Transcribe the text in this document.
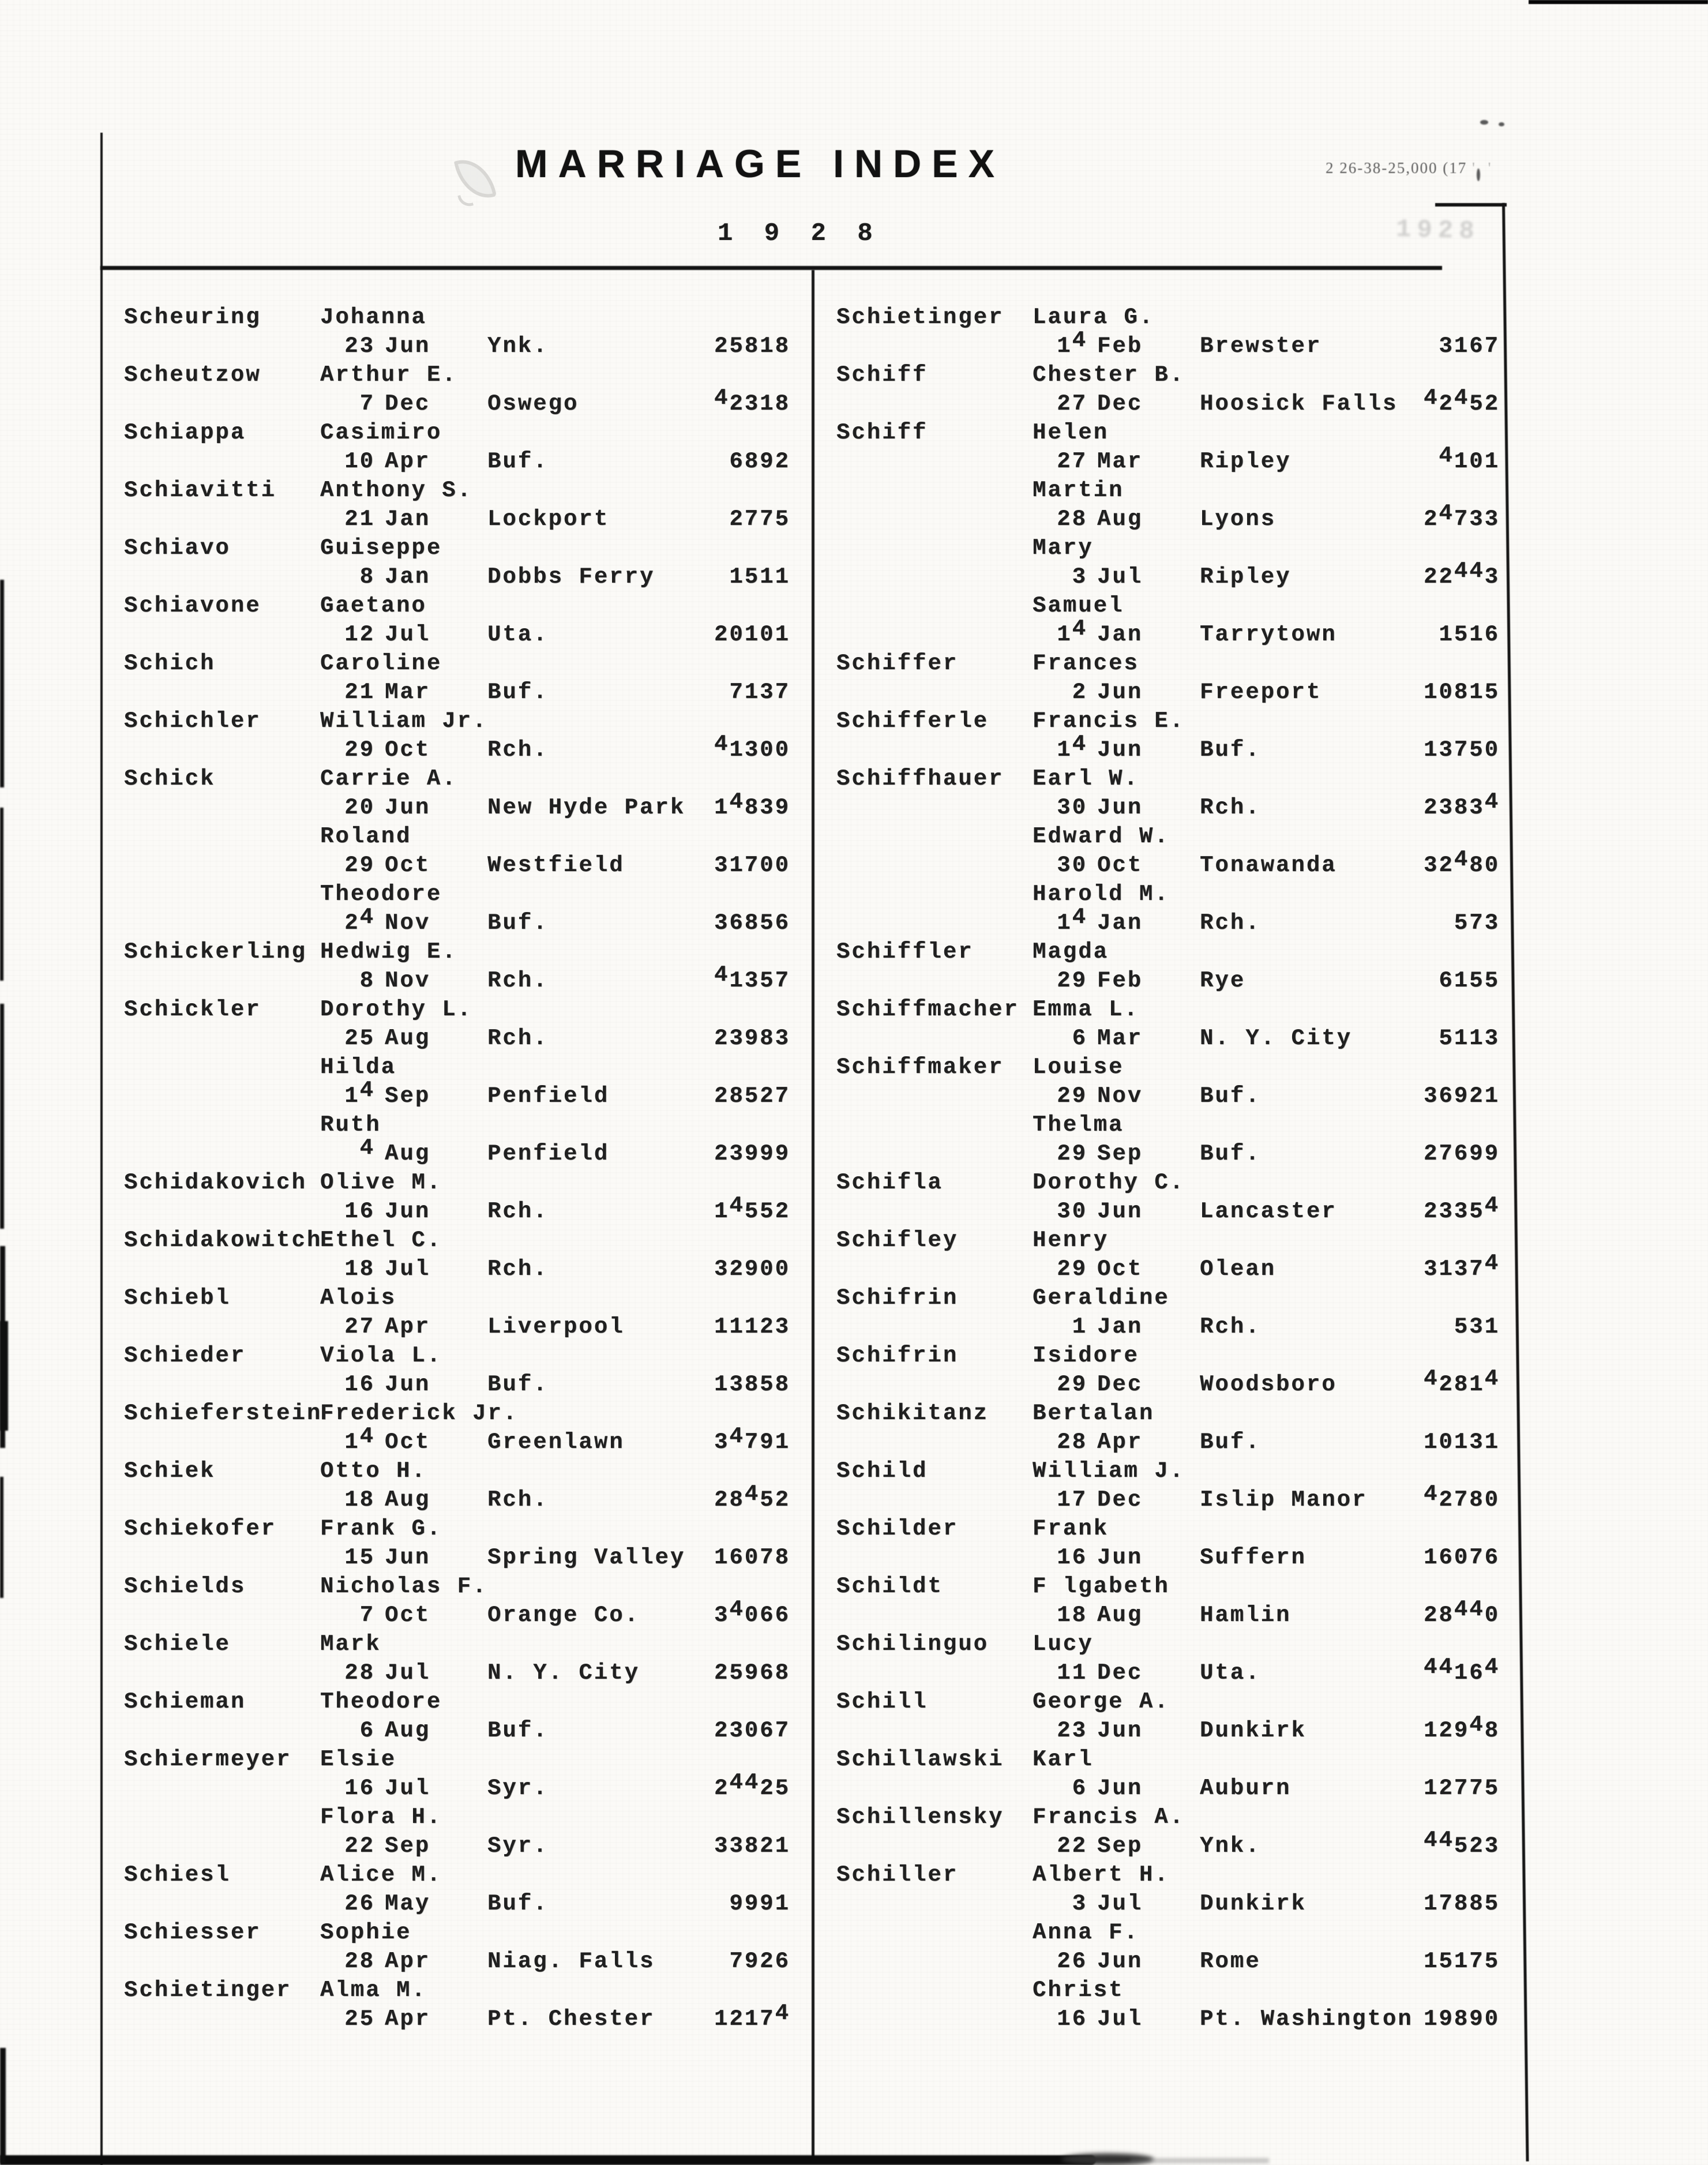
1928
MARRIAGE INDEX	2 26-38-25,000 (17 ' '
1 9 2 8
Scheuring	Johanna
23 Jun	Ynk.	25818
Scheutzow	Arthur E.
7 Dec	Oswego	42318
Schiappa	Casimiro
10 Apr	Buf.	6892
Schiavitti Anthony S.
21 Jan	Lockport	2775
Schiavo	Guiseppe
8 Jan	Dobbs Ferry	1511
Schiavone	Gaetano
12 Jul	Uta.	20101
Schich	Caroline
21 Mar	Buf.	7137
Schichler	William Jr.
29 Oct	Rch.	41300
Schick	Carrie A.
20 Jun	New Hyde Park 14839
Roland
29 Oct	Westfield	31700
Theodore
24 Nov	Buf.	36856
Schickerling Hedwig E.
8 Nov	Rch.	41357
Schickler	Dorothy L.
25 Aug	Rch.	23983
Hilda
14 Sep	Penfield	28527
Ruth
4 Aug	Penfield	23999
Schidakovich Olive M.
16 Jun	Rch.	14552
Schidakowitch
Ethel C.
18 Jul	Rch.	32900
Schiebl	Alois
27 Apr	Liverpool	11123
Schieder	Viola L.
16 Jun	Buf.	13858
Schieferstein
Frederick Jr.
14 Oct	Greenlawn	34791
Schiek	Otto H.
18 Aug	Rch.	28452
Schiekofer Frank G.
15 Jun	Spring Valley 16078
Schields	Nicholas F.
7 Oct	Orange Co.	34066
Schiele	Mark
28 Jul	N. Y. City	25968
Schieman	Theodore
6 Aug	Buf.	23067
Schiermeyer Elsie
16 Jul	Syr.	24425
Flora H.
22 Sep	Syr.	33821
Schiesl	Alice M.
26 May	Buf.	9991
Schiesser	Sophie
28 Apr	Niag. Falls	7926
Schietinger Alma M.
25 Apr	Pt. Chester	12174
Schietinger Laura G.
14 Feb	Brewster	3167
Schiff	Chester B.
27 Dec	Hoosick Falls 42452
Schiff	Helen
27 Mar	Ripley	4101
Martin
28 Aug	Lyons	24733
Mary
3 Jul	Ripley	22443
Samuel
14 Jan	Tarrytown	1516
Schiffer	Frances
2 Jun	Freeport	10815
Schifferle Francis E.
14 Jun	Buf.	13750
Schiffhauer Earl W.
30 Jun	Rch.	23834
Edward W.
30 Oct	Tonawanda	32480
Harold M.
14 Jan	Rch.	573
Schiffler	Magda
29 Feb	Rye	6155
Schiffmacher Emma L.
6 Mar	N. Y. City	5113
Schiffmaker Louise
29 Nov	Buf.	36921
Thelma
29 Sep	Buf.	27699
Schifla	Dorothy C.
30 Jun	Lancaster	23354
Schifley	Henry
29 Oct	Olean	31374
Schifrin	Geraldine
1 Jan	Rch.	531
Schifrin	Isidore
29 Dec	Woodsboro	42814
Schikitanz Bertalan
28 Apr	Buf.	10131
Schild	William J.
17 Dec	Islip Manor	42780
Schilder	Frank
16 Jun	Suffern	16076
Schildt	F lgabeth
18 Aug	Hamlin	28440
Schilinguo Lucy
11 Dec	Uta.	44164
Schill	George A.
23 Jun	Dunkirk	12948
Schillawski Karl
6 Jun	Auburn	12775
Schillensky Francis A.
22 Sep	Ynk.	44523
Schiller	Albert H.
3 Jul	Dunkirk	17885
Anna F.
26 Jun	Rome	15175
Christ
16 Jul	Pt. Washington 19890
